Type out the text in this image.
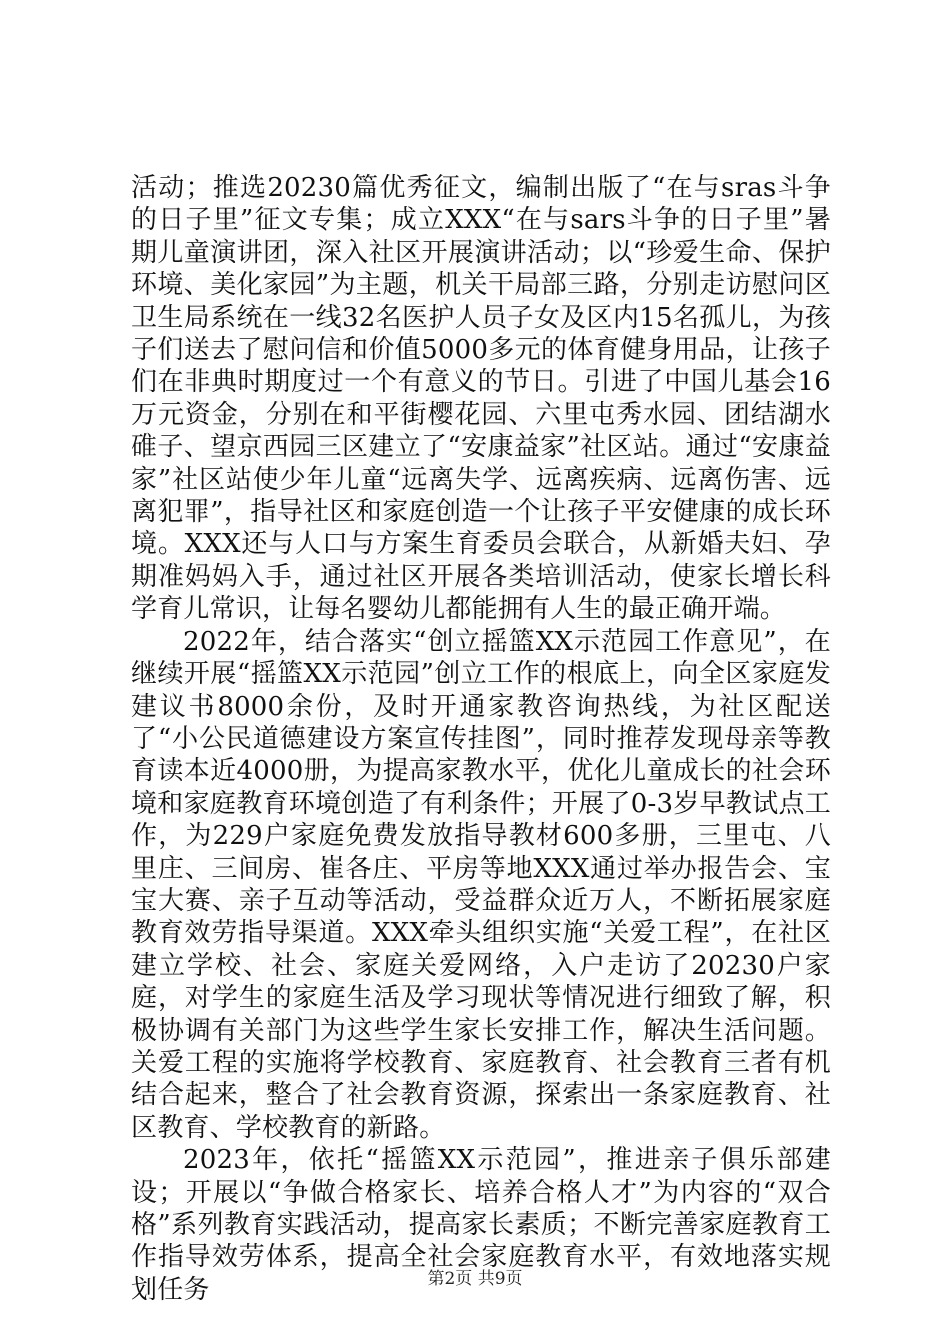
活动；推选20230篇优秀征文，编制出版了“在与sras斗争的日子里”征文专集；成立XXX“在与sars斗争的日子里”暑期儿童演讲团，深入社区开展演讲活动；以“珍爱生命、保护环境、美化家园”为主题，机关干局部三路，分别走访慰问区卫生局系统在一线32名医护人员子女及区内15名孤儿，为孩子们送去了慰问信和价值5000多元的体育健身用品，让孩子们在非典时期度过一个有意义的节日。引进了中国儿基会16万元资金，分别在和平街樱花园、六里屯秀水园、团结湖水碓子、望京西园三区建立了“安康益家”社区站。通过“安康益家”社区站使少年儿童“远离失学、远离疾病、远离伤害、远离犯罪”，指导社区和家庭创造一个让孩子平安健康的成长环境。XXX还与人口与方案生育委员会联合，从新婚夫妇、孕期准妈妈入手，通过社区开展各类培训活动，使家长增长科学育儿常识，让每名婴幼儿都能拥有人生的最正确开端。

2022年，结合落实“创立摇篮XX示范园工作意见”，在继续开展“摇篮XX示范园”创立工作的根底上，向全区家庭发建议书8000余份，及时开通家教咨询热线，为社区配送了“小公民道德建设方案宣传挂图”，同时推荐发现母亲等教育读本近4000册，为提高家教水平，优化儿童成长的社会环境和家庭教育环境创造了有利条件；开展了0-3岁早教试点工作，为229户家庭免费发放指导教材600多册，三里屯、八里庄、三间房、崔各庄、平房等地XXX通过举办报告会、宝宝大赛、亲子互动等活动，受益群众近万人，不断拓展家庭教育效劳指导渠道。XXX牵头组织实施“关爱工程”，在社区建立学校、社会、家庭关爱网络，入户走访了20230户家庭，对学生的家庭生活及学习现状等情况进行细致了解，积极协调有关部门为这些学生家长安排工作，解决生活问题。关爱工程的实施将学校教育、家庭教育、社会教育三者有机结合起来，整合了社会教育资源，探索出一条家庭教育、社区教育、学校教育的新路。

2023年，依托“摇篮XX示范园”，推进亲子俱乐部建设；开展以“争做合格家长、培养合格人才”为内容的“双合格”系列教育实践活动，提高家长素质；不断完善家庭教育工作指导效劳体系，提高全社会家庭教育水平，有效地落实规划任务	第2页 共9页
